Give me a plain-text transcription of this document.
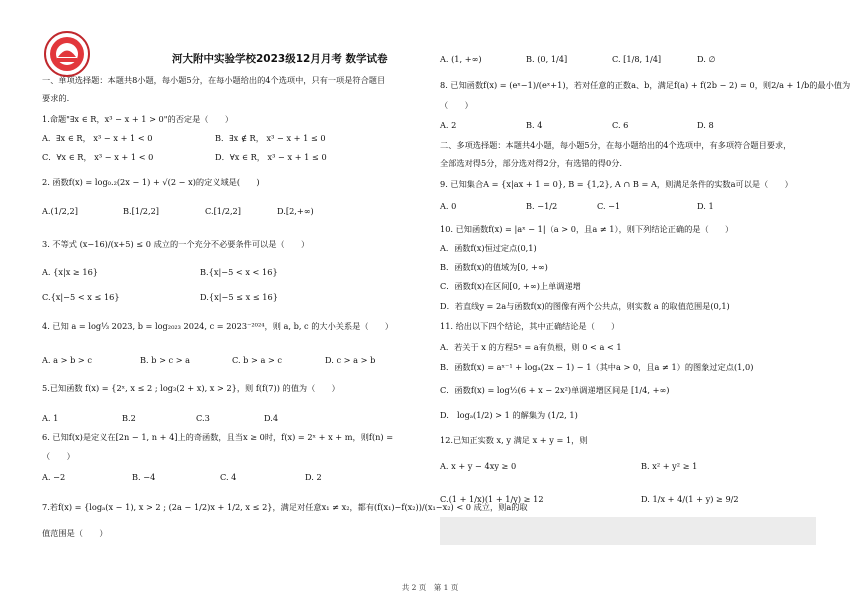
河大附中实验学校2023级12月月考 数学试卷
一、单项选择题：本题共8小题，每小题5分，在每小题给出的4个选项中，只有一项是符合题目
要求的.
1.命题"∃x ∈ R，x³ − x + 1 > 0"的否定是（　　）
A．∃x ∈ R， x³ − x + 1 < 0	B．∃x ∉ R， x³ − x + 1 ≤ 0
C．∀x ∈ R， x³ − x + 1 < 0	D．∀x ∈ R， x³ − x + 1 ≤ 0
2. 函数f(x) = log₀.₂(2x − 1) + √(2 − x)的定义域是(　　)
A.(1/2,2]	B.[1/2,2]	C.[1/2,2]	D.[2,+∞)
3. 不等式 (x−16)/(x+5) ≤ 0 成立的一个充分不必要条件可以是（　　）
A. {x|x ≥ 16}	B.{x|−5 < x < 16}
C.{x|−5 < x ≤ 16}	D.{x|−5 ≤ x ≤ 16}
4. 已知 a = log⅓ 2023, b = log₂₀₂₃ 2024, c = 2023⁻²⁰²⁴，则 a, b, c 的大小关系是（　　）
A. a > b > c	B. b > c > a	C. b > a > c	D. c > a > b
5.已知函数 f(x) = {2ˣ, x ≤ 2 ; log₃(2 + x), x > 2}，则 f(f(7)) 的值为（　　）
A. 1	B.2	C.3	D.4
6. 已知f(x)是定义在[2n − 1, n + 4]上的奇函数，且当x ≥ 0时，f(x) = 2ˣ + x + m，则f(n) =
（　　）
A. −2	B. −4	C. 4	D. 2
7.若f(x) = {logₐ(x − 1), x > 2 ; (2a − 1/2)x + 1/2, x ≤ 2}，满足对任意x₁ ≠ x₂，都有(f(x₁)−f(x₂))/(x₁−x₂) < 0 成立，则a的取
值范围是（　　）
A. (1, +∞)	B. (0, 1/4]	C. [1/8, 1/4]	D. ∅
8. 已知函数f(x) = (eˣ−1)/(eˣ+1)，若对任意的正数a、b，满足f(a) + f(2b − 2) = 0，则2/a + 1/b的最小值为
（　　）
A. 2	B. 4	C. 6	D. 8
二、多项选择题：本题共4小题，每小题5分，在每小题给出的4个选项中，有多项符合题目要求，
全部选对得5分，部分选对得2分，有选错的得0分.
9. 已知集合A = {x|ax + 1 = 0}, B = {1,2}, A ∩ B = A，则满足条件的实数a可以是（　　）
A. 0	B. −1/2	C. −1	D. 1
10. 已知函数f(x) = |aˣ − 1|（a > 0，且a ≠ 1），则下列结论正确的是（　　）
A．函数f(x)恒过定点(0,1)
B．函数f(x)的值域为[0, +∞)
C．函数f(x)在区间[0, +∞)上单调递增
D．若直线y = 2a与函数f(x)的图像有两个公共点，则实数 a 的取值范围是(0,1)
11. 给出以下四个结论，其中正确结论是（　　）
A．若关于 x 的方程5ˣ = a有负根，则 0 < a < 1
B．函数f(x) = aˣ⁻¹ + logₐ(2x − 1) − 1（其中a > 0，且a ≠ 1）的图象过定点(1,0)
C．函数f(x) = log½(6 + x − 2x²)单调递增区间是 [1/4, +∞)
D.　logₐ(1/2) > 1 的解集为 (1/2, 1)
12.已知正实数 x, y 满足 x + y = 1，则
A. x + y − 4xy ≥ 0	B. x² + y² ≥ 1
C.(1 + 1/x)(1 + 1/y) ≥ 12	D. 1/x + 4/(1 + y) ≥ 9/2
共 2 页　第 1 页
